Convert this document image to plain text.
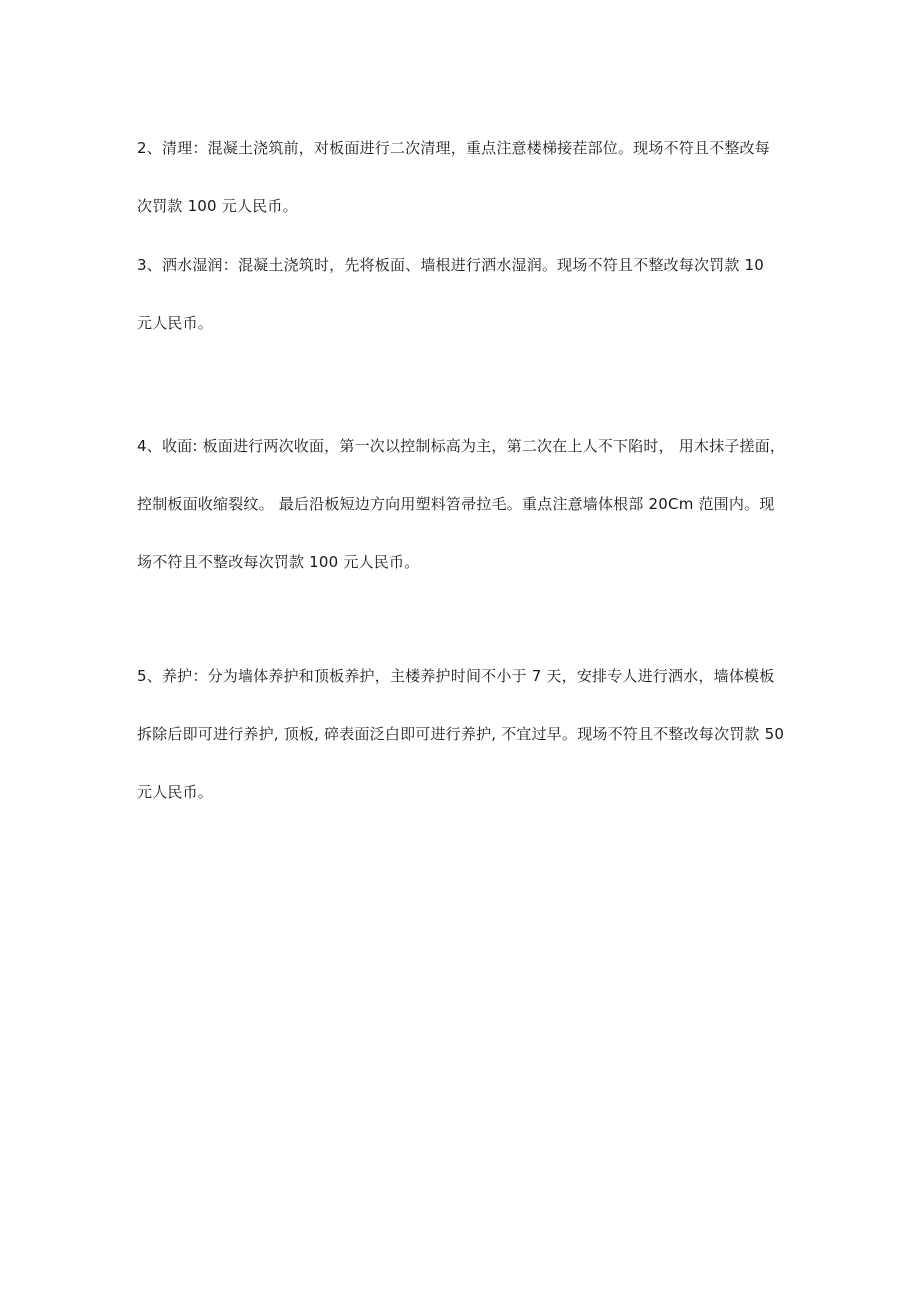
2、清理：混凝土浇筑前，对板面进行二次清理，重点注意楼梯接茬部位。现场不符且不整改每
次罚款 100 元人民币。

3、洒水湿润：混凝土浇筑时，先将板面、墙根进行洒水湿润。现场不符且不整改每次罚款 10
元人民币。

4、收面: 板面进行两次收面，第一次以控制标高为主，第二次在上人不下陷时， 用木抹子搓面，
控制板面收缩裂纹。 最后沿板短边方向用塑料笤帚拉毛。重点注意墙体根部 20Cm 范围内。现
场不符且不整改每次罚款 100 元人民币。

5、养护：分为墙体养护和顶板养护，主楼养护时间不小于 7 天，安排专人进行洒水，墙体模板
拆除后即可进行养护, 顶板, 碎表面泛白即可进行养护, 不宜过早。现场不符且不整改每次罚款 50
元人民币。
